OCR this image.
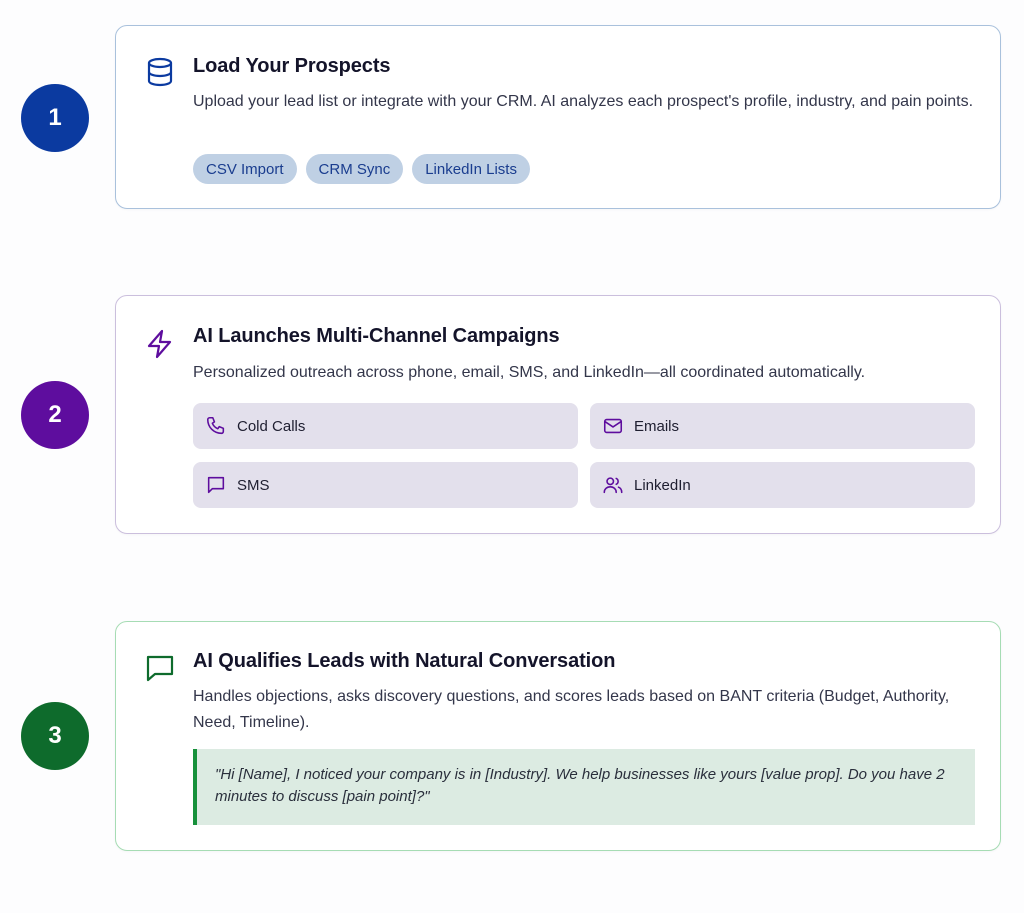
1
Load Your Prospects
Upload your lead list or integrate with your CRM. AI analyzes each prospect's profile, industry, and pain points.
CSV Import	CRM Sync	LinkedIn Lists
2
AI Launches Multi-Channel Campaigns
Personalized outreach across phone, email, SMS, and LinkedIn—all coordinated automatically.
Cold Calls	Emails
SMS	LinkedIn
3
AI Qualifies Leads with Natural Conversation
Handles objections, asks discovery questions, and scores leads based on BANT criteria (Budget, Authority, Need, Timeline).
"Hi [Name], I noticed your company is in [Industry]. We help businesses like yours [value prop]. Do you have 2 minutes to discuss [pain point]?"
